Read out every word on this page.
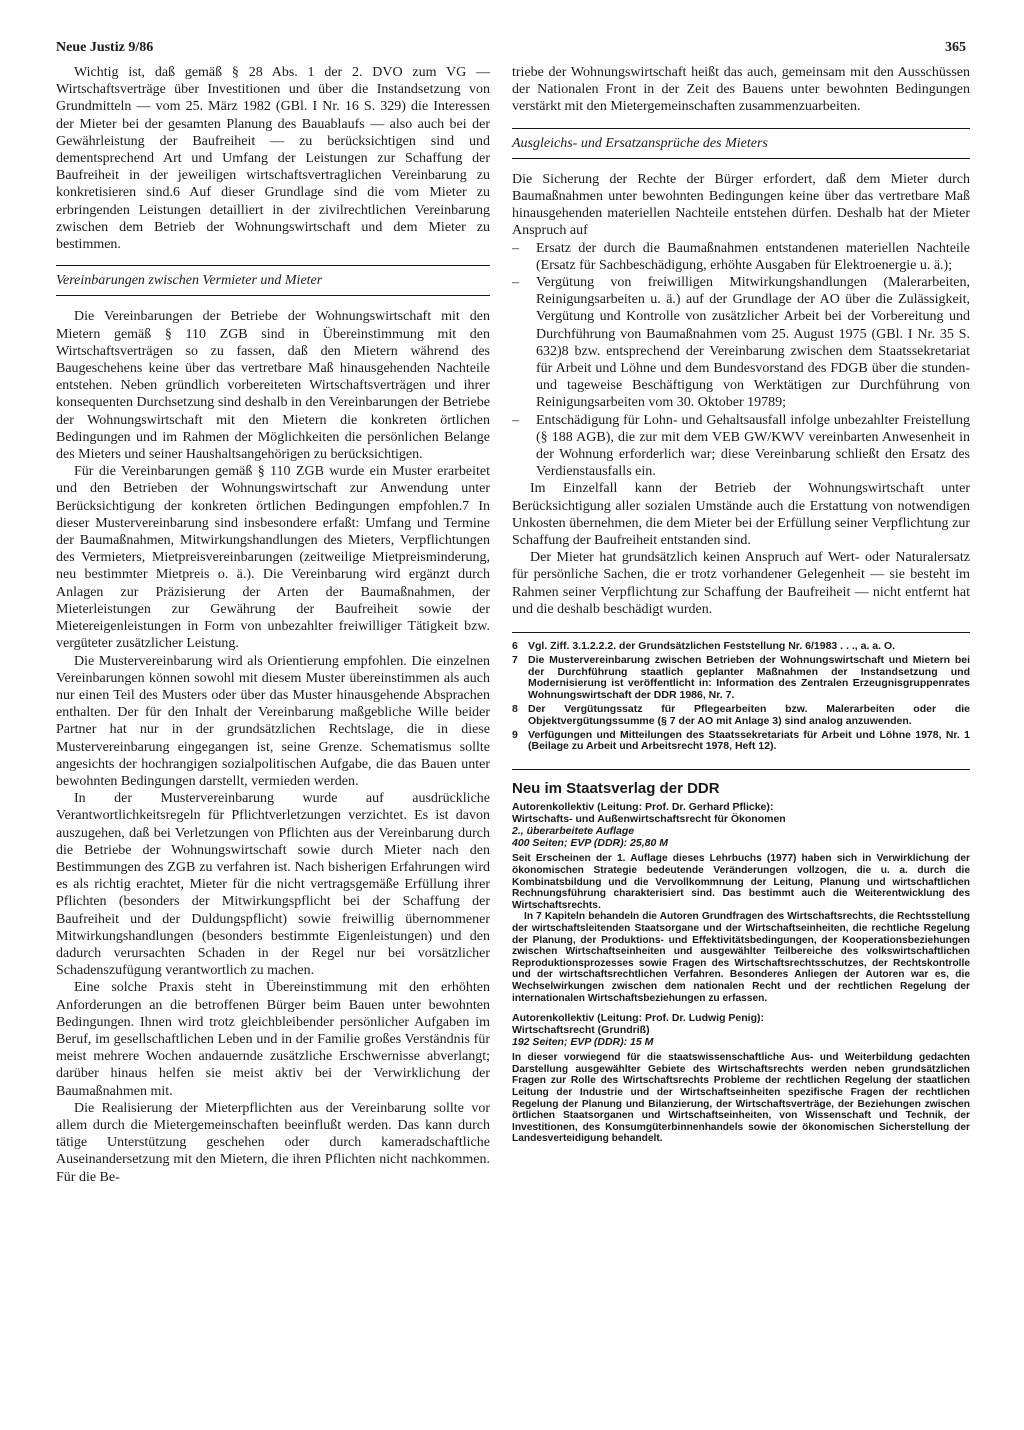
Neue Justiz 9/86	365

Wichtig ist, daß gemäß § 28 Abs. 1 der 2. DVO zum VG — Wirtschaftsverträge über Investitionen und über die Instandsetzung von Grundmitteln — vom 25. März 1982 (GBl. I Nr. 16 S. 329) die Interessen der Mieter bei der gesamten Planung des Bauablaufs — also auch bei der Gewährleistung der Baufreiheit — zu berücksichtigen sind und dementsprechend Art und Umfang der Leistungen zur Schaffung der Baufreiheit in der jeweiligen wirtschaftsvertraglichen Vereinbarung zu konkretisieren sind.6 Auf dieser Grundlage sind die vom Mieter zu erbringenden Leistungen detailliert in der zivilrechtlichen Vereinbarung zwischen dem Betrieb der Wohnungswirtschaft und dem Mieter zu bestimmen.

Vereinbarungen zwischen Vermieter und Mieter

Die Vereinbarungen der Betriebe der Wohnungswirtschaft mit den Mietern gemäß § 110 ZGB sind in Übereinstimmung mit den Wirtschaftsverträgen so zu fassen, daß den Mietern während des Baugeschehens keine über das vertretbare Maß hinausgehenden Nachteile entstehen. Neben gründlich vorbereiteten Wirtschaftsverträgen und ihrer konsequenten Durchsetzung sind deshalb in den Vereinbarungen der Betriebe der Wohnungswirtschaft mit den Mietern die konkreten örtlichen Bedingungen und im Rahmen der Möglichkeiten die persönlichen Belange des Mieters und seiner Haushaltsangehörigen zu berücksichtigen.

Für die Vereinbarungen gemäß § 110 ZGB wurde ein Muster erarbeitet und den Betrieben der Wohnungswirtschaft zur Anwendung unter Berücksichtigung der konkreten örtlichen Bedingungen empfohlen.7 In dieser Mustervereinbarung sind insbesondere erfaßt: Umfang und Termine der Baumaßnahmen, Mitwirkungshandlungen des Mieters, Verpflichtungen des Vermieters, Mietpreisvereinbarungen (zeitweilige Mietpreisminderung, neu bestimmter Mietpreis o. ä.). Die Vereinbarung wird ergänzt durch Anlagen zur Präzisierung der Arten der Baumaßnahmen, der Mieterleistungen zur Gewährung der Baufreiheit sowie der Mietereigenleistungen in Form von unbezahlter freiwilliger Tätigkeit bzw. vergüteter zusätzlicher Leistung.

Die Mustervereinbarung wird als Orientierung empfohlen. Die einzelnen Vereinbarungen können sowohl mit diesem Muster übereinstimmen als auch nur einen Teil des Musters oder über das Muster hinausgehende Absprachen enthalten. Der für den Inhalt der Vereinbarung maßgebliche Wille beider Partner hat nur in der grundsätzlichen Rechtslage, die in diese Mustervereinbarung eingegangen ist, seine Grenze. Schematismus sollte angesichts der hochrangigen sozialpolitischen Aufgabe, die das Bauen unter bewohnten Bedingungen darstellt, vermieden werden.

In der Mustervereinbarung wurde auf ausdrückliche Verantwortlichkeitsregeln für Pflichtverletzungen verzichtet. Es ist davon auszugehen, daß bei Verletzungen von Pflichten aus der Vereinbarung durch die Betriebe der Wohnungswirtschaft sowie durch Mieter nach den Bestimmungen des ZGB zu verfahren ist. Nach bisherigen Erfahrungen wird es als richtig erachtet, Mieter für die nicht vertragsgemäße Erfüllung ihrer Pflichten (besonders der Mitwirkungspflicht bei der Schaffung der Baufreiheit und der Duldungspflicht) sowie freiwillig übernommener Mitwirkungshandlungen (besonders bestimmte Eigenleistungen) und den dadurch verursachten Schaden in der Regel nur bei vorsätzlicher Schadenszufügung verantwortlich zu machen.

Eine solche Praxis steht in Übereinstimmung mit den erhöhten Anforderungen an die betroffenen Bürger beim Bauen unter bewohnten Bedingungen. Ihnen wird trotz gleichbleibender persönlicher Aufgaben im Beruf, im gesellschaftlichen Leben und in der Familie großes Verständnis für meist mehrere Wochen andauernde zusätzliche Erschwernisse abverlangt; darüber hinaus helfen sie meist aktiv bei der Verwirklichung der Baumaßnahmen mit.

Die Realisierung der Mieterpflichten aus der Vereinbarung sollte vor allem durch die Mietergemeinschaften beeinflußt werden. Das kann durch tätige Unterstützung geschehen oder durch kameradschaftliche Auseinandersetzung mit den Mietern, die ihren Pflichten nicht nachkommen. Für die Be-

triebe der Wohnungswirtschaft heißt das auch, gemeinsam mit den Ausschüssen der Nationalen Front in der Zeit des Bauens unter bewohnten Bedingungen verstärkt mit den Mietergemeinschaften zusammenzuarbeiten.

Ausgleichs- und Ersatzansprüche des Mieters

Die Sicherung der Rechte der Bürger erfordert, daß dem Mieter durch Baumaßnahmen unter bewohnten Bedingungen keine über das vertretbare Maß hinausgehenden materiellen Nachteile entstehen dürfen. Deshalb hat der Mieter Anspruch auf

– Ersatz der durch die Baumaßnahmen entstandenen materiellen Nachteile (Ersatz für Sachbeschädigung, erhöhte Ausgaben für Elektroenergie u. ä.);
– Vergütung von freiwilligen Mitwirkungshandlungen (Malerarbeiten, Reinigungsarbeiten u. ä.) auf der Grundlage der AO über die Zulässigkeit, Vergütung und Kontrolle von zusätzlicher Arbeit bei der Vorbereitung und Durchführung von Baumaßnahmen vom 25. August 1975 (GBl. I Nr. 35 S. 632)8 bzw. entsprechend der Vereinbarung zwischen dem Staatssekretariat für Arbeit und Löhne und dem Bundesvorstand des FDGB über die stunden- und tageweise Beschäftigung von Werktätigen zur Durchführung von Reinigungsarbeiten vom 30. Oktober 19789;
– Entschädigung für Lohn- und Gehaltsausfall infolge unbezahlter Freistellung (§ 188 AGB), die zur mit dem VEB GW/KWV vereinbarten Anwesenheit in der Wohnung erforderlich war; diese Vereinbarung schließt den Ersatz des Verdienstausfalls ein.

Im Einzelfall kann der Betrieb der Wohnungswirtschaft unter Berücksichtigung aller sozialen Umstände auch die Erstattung von notwendigen Unkosten übernehmen, die dem Mieter bei der Erfüllung seiner Verpflichtung zur Schaffung der Baufreiheit entstanden sind.

Der Mieter hat grundsätzlich keinen Anspruch auf Wert- oder Naturalersatz für persönliche Sachen, die er trotz vorhandener Gelegenheit — sie besteht im Rahmen seiner Verpflichtung zur Schaffung der Baufreiheit — nicht entfernt hat und die deshalb beschädigt wurden.

6 Vgl. Ziff. 3.1.2.2.2. der Grundsätzlichen Feststellung Nr. 6/1983 . . ., a. a. O.
7 Die Mustervereinbarung zwischen Betrieben der Wohnungswirtschaft und Mietern bei der Durchführung staatlich geplanter Maßnahmen der Instandsetzung und Modernisierung ist veröffentlicht in: Information des Zentralen Erzeugnisgruppenrates Wohnungswirtschaft der DDR 1986, Nr. 7.
8 Der Vergütungssatz für Pflegearbeiten bzw. Malerarbeiten oder die Objektvergütungssumme (§ 7 der AO mit Anlage 3) sind analog anzuwenden.
9 Verfügungen und Mitteilungen des Staatssekretariats für Arbeit und Löhne 1978, Nr. 1 (Beilage zu Arbeit und Arbeitsrecht 1978, Heft 12).
Neu im Staatsverlag der DDR
Autorenkollektiv (Leitung: Prof. Dr. Gerhard Pflicke):
Wirtschafts- und Außenwirtschaftsrecht für Ökonomen
2., überarbeitete Auflage
400 Seiten; EVP (DDR): 25,80 M

Seit Erscheinen der 1. Auflage dieses Lehrbuchs (1977) haben sich in Verwirklichung der ökonomischen Strategie bedeutende Veränderungen vollzogen, die u. a. durch die Kombinatsbildung und die Vervollkommnung der Leitung, Planung und wirtschaftlichen Rechnungsführung charakterisiert sind. Das bestimmt auch die Weiterentwicklung des Wirtschaftsrechts.

In 7 Kapiteln behandeln die Autoren Grundfragen des Wirtschaftsrechts, die Rechtsstellung der wirtschaftsleitenden Staatsorgane und der Wirtschaftseinheiten, die rechtliche Regelung der Planung, der Produktions- und Effektivitätsbedingungen, der Kooperationsbeziehungen zwischen Wirtschaftseinheiten und ausgewählter Teilbereiche des volkswirtschaftlichen Reproduktionsprozesses sowie Fragen des Wirtschaftsrechtsschutzes, der Rechtskontrolle und der wirtschaftsrechtlichen Verfahren. Besonderes Anliegen der Autoren war es, die Wechselwirkungen zwischen dem nationalen Recht und der rechtlichen Regelung der internationalen Wirtschaftsbeziehungen zu erfassen.

Autorenkollektiv (Leitung: Prof. Dr. Ludwig Penig):
Wirtschaftsrecht (Grundriß)
192 Seiten; EVP (DDR): 15 M

In dieser vorwiegend für die staatswissenschaftliche Aus- und Weiterbildung gedachten Darstellung ausgewählter Gebiete des Wirtschaftsrechts werden neben grundsätzlichen Fragen zur Rolle des Wirtschaftsrechts Probleme der rechtlichen Regelung der staatlichen Leitung der Industrie und der Wirtschaftseinheiten spezifische Fragen der rechtlichen Regelung der Planung und Bilanzierung, der Wirtschaftsverträge, der Beziehungen zwischen örtlichen Staatsorganen und Wirtschaftseinheiten, von Wissenschaft und Technik, der Investitionen, des Konsumgüterbinnenhandels sowie der ökonomischen Sicherstellung der Landesverteidigung behandelt.
